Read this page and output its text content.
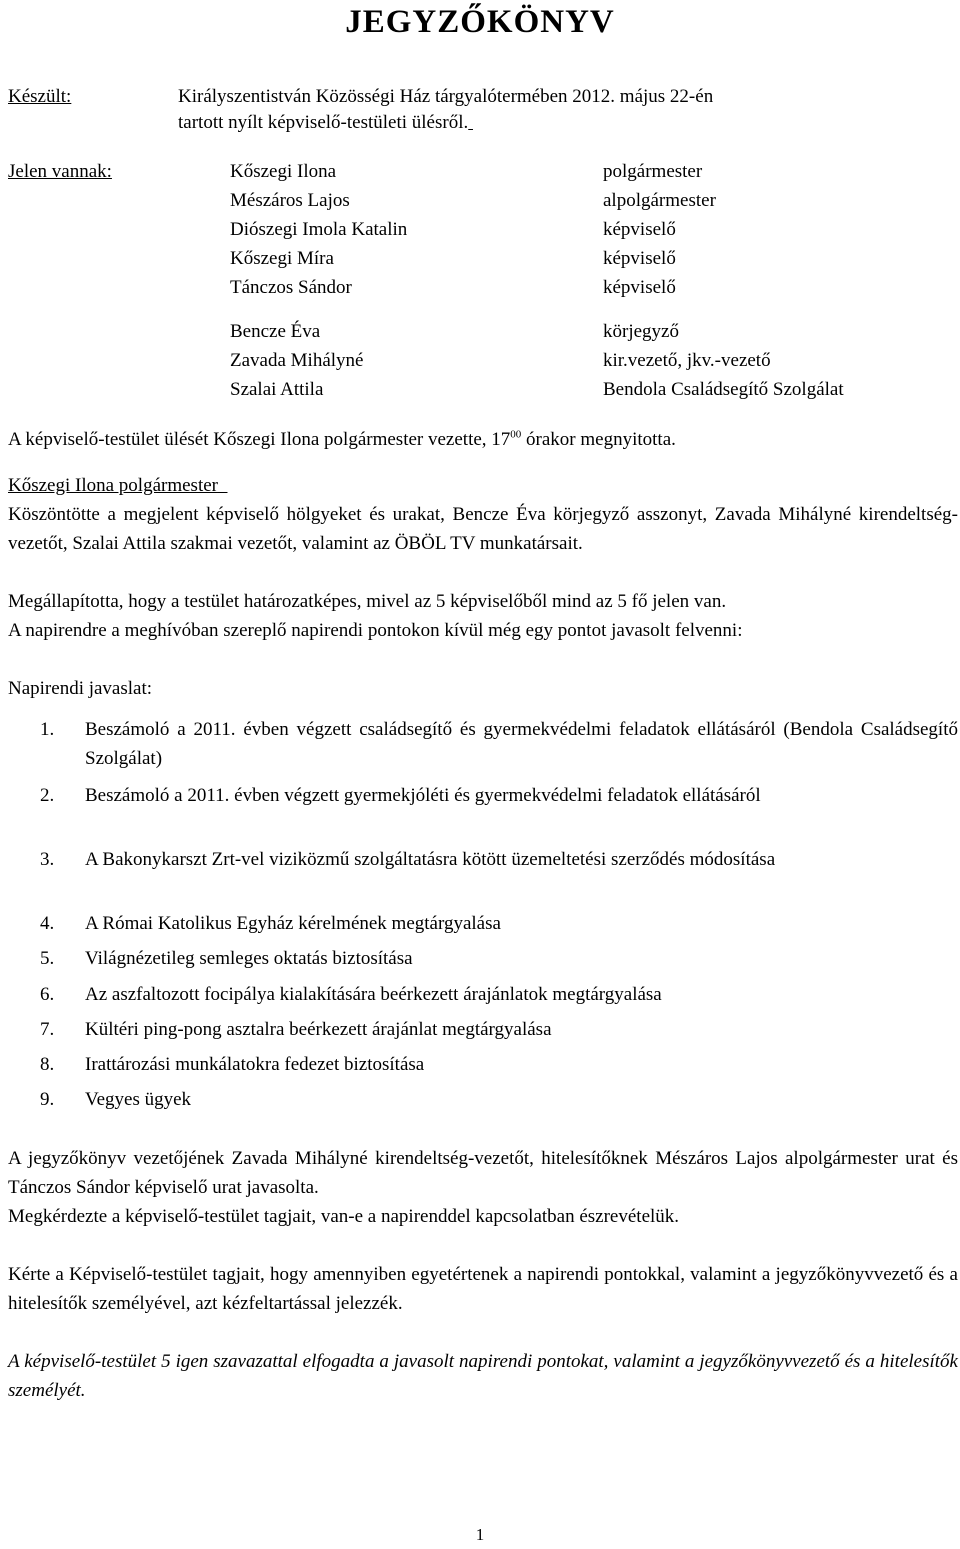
JEGYZŐKÖNYV
Készült:	Királyszentistván Közösségi Ház tárgyalótermében 2012. május 22-én
tartott nyílt képviselő-testületi ülésről.
Jelen vannak:	Kőszegi Ilona	polgármester
Mészáros Lajos	alpolgármester
Diószegi Imola Katalin	képviselő
Kőszegi Míra	képviselő
Tánczos Sándor	képviselő
Bencze Éva	körjegyző
Zavada Mihályné	kir.vezető, jkv.-vezető
Szalai Attila	Bendola Családsegítő Szolgálat
A képviselő-testület ülését Kőszegi Ilona polgármester vezette, $17^{00}$ órakor megnyitotta.
Kőszegi Ilona polgármester
Köszöntötte a megjelent képviselő hölgyeket és urakat, Bencze Éva körjegyző asszonyt, Zavada Mihályné kirendeltség-vezetőt, Szalai Attila szakmai vezetőt, valamint az ÖBÖL TV munkatársait.
Megállapította, hogy a testület határozatképes, mivel az 5 képviselőből mind az 5 fő jelen van.
A napirendre a meghívóban szereplő napirendi pontokon kívül még egy pontot javasolt felvenni:
Napirendi javaslat:
1. Beszámoló a 2011. évben végzett családsegítő és gyermekvédelmi feladatok ellátásáról (Bendola Családsegítő Szolgálat)
2. Beszámoló a 2011. évben végzett gyermekjóléti és gyermekvédelmi feladatok ellátásáról
3. A Bakonykarszt Zrt-vel viziközmű szolgáltatásra kötött üzemeltetési szerződés módosítása
4. A Római Katolikus Egyház kérelmének megtárgyalása
5. Világnézetileg semleges oktatás biztosítása
6. Az aszfaltozott focipálya kialakítására beérkezett árajánlatok megtárgyalása
7. Kültéri ping-pong asztalra beérkezett árajánlat megtárgyalása
8. Irattározási munkálatokra fedezet biztosítása
9. Vegyes ügyek
A jegyzőkönyv vezetőjének Zavada Mihályné kirendeltség-vezetőt, hitelesítőknek Mészáros Lajos alpolgármester urat és Tánczos Sándor képviselő urat javasolta.
Megkérdezte a képviselő-testület tagjait, van-e a napirenddel kapcsolatban észrevételük.
Kérte a Képviselő-testület tagjait, hogy amennyiben egyetértenek a napirendi pontokkal, valamint a jegyzőkönyvvezető és a hitelesítők személyével, azt kézfeltartással jelezzék.
A képviselő-testület 5 igen szavazattal elfogadta a javasolt napirendi pontokat, valamint a jegyzőkönyvvezető és a hitelesítők személyét.
1
